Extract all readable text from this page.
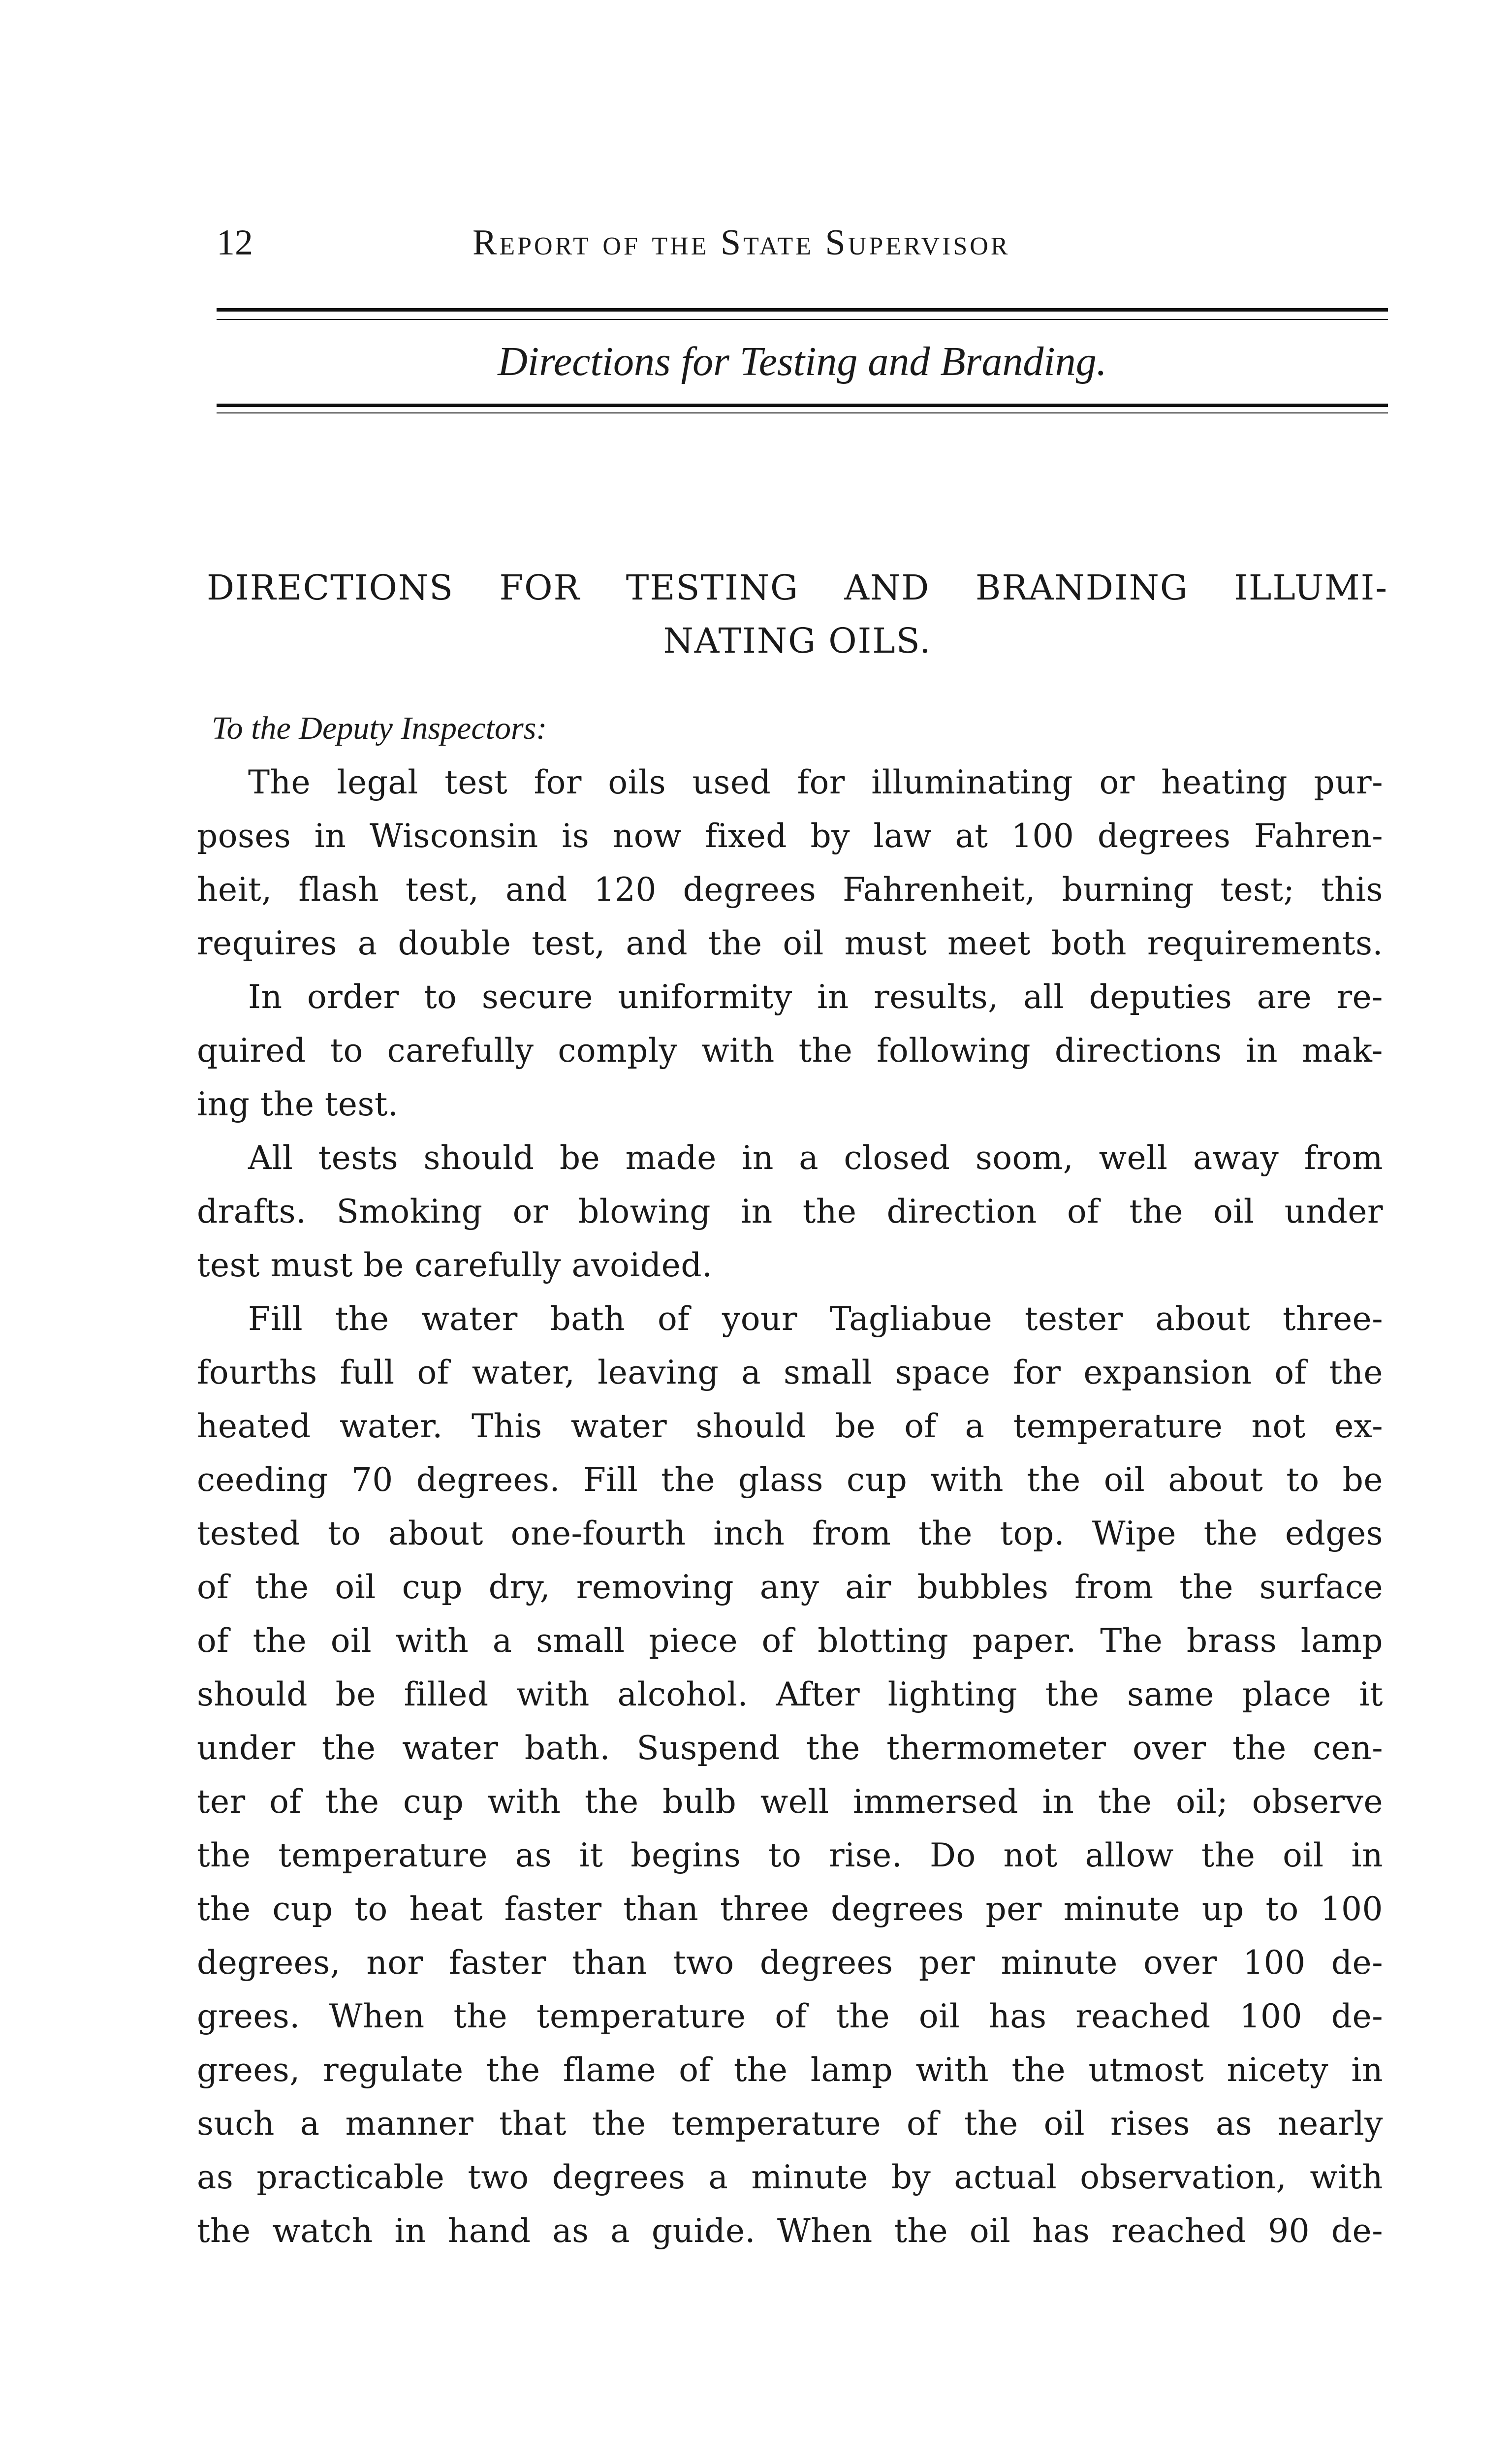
12	Report of the State Supervisor
Directions for Testing and Branding.
DIRECTIONS FOR TESTING AND BRANDING ILLUMI-
NATING OILS.
To the Deputy Inspectors:
The legal test for oils used for illuminating or heating pur-
poses in Wisconsin is now fixed by law at 100 degrees Fahren-
heit, flash test, and 120 degrees Fahrenheit, burning test; this
requires a double test, and the oil must meet both requirements.
In order to secure uniformity in results, all deputies are re-
quired to carefully comply with the following directions in mak-
ing the test.
All tests should be made in a closed soom, well away from
drafts. Smoking or blowing in the direction of the oil under
test must be carefully avoided.
Fill the water bath of your Tagliabue tester about three-
fourths full of water, leaving a small space for expansion of the
heated water. This water should be of a temperature not ex-
ceeding 70 degrees. Fill the glass cup with the oil about to be
tested to about one-fourth inch from the top. Wipe the edges
of the oil cup dry, removing any air bubbles from the surface
of the oil with a small piece of blotting paper. The brass lamp
should be filled with alcohol. After lighting the same place it
under the water bath. Suspend the thermometer over the cen-
ter of the cup with the bulb well immersed in the oil; observe
the temperature as it begins to rise. Do not allow the oil in
the cup to heat faster than three degrees per minute up to 100
degrees, nor faster than two degrees per minute over 100 de-
grees. When the temperature of the oil has reached 100 de-
grees, regulate the flame of the lamp with the utmost nicety in
such a manner that the temperature of the oil rises as nearly
as practicable two degrees a minute by actual observation, with
the watch in hand as a guide. When the oil has reached 90 de-
